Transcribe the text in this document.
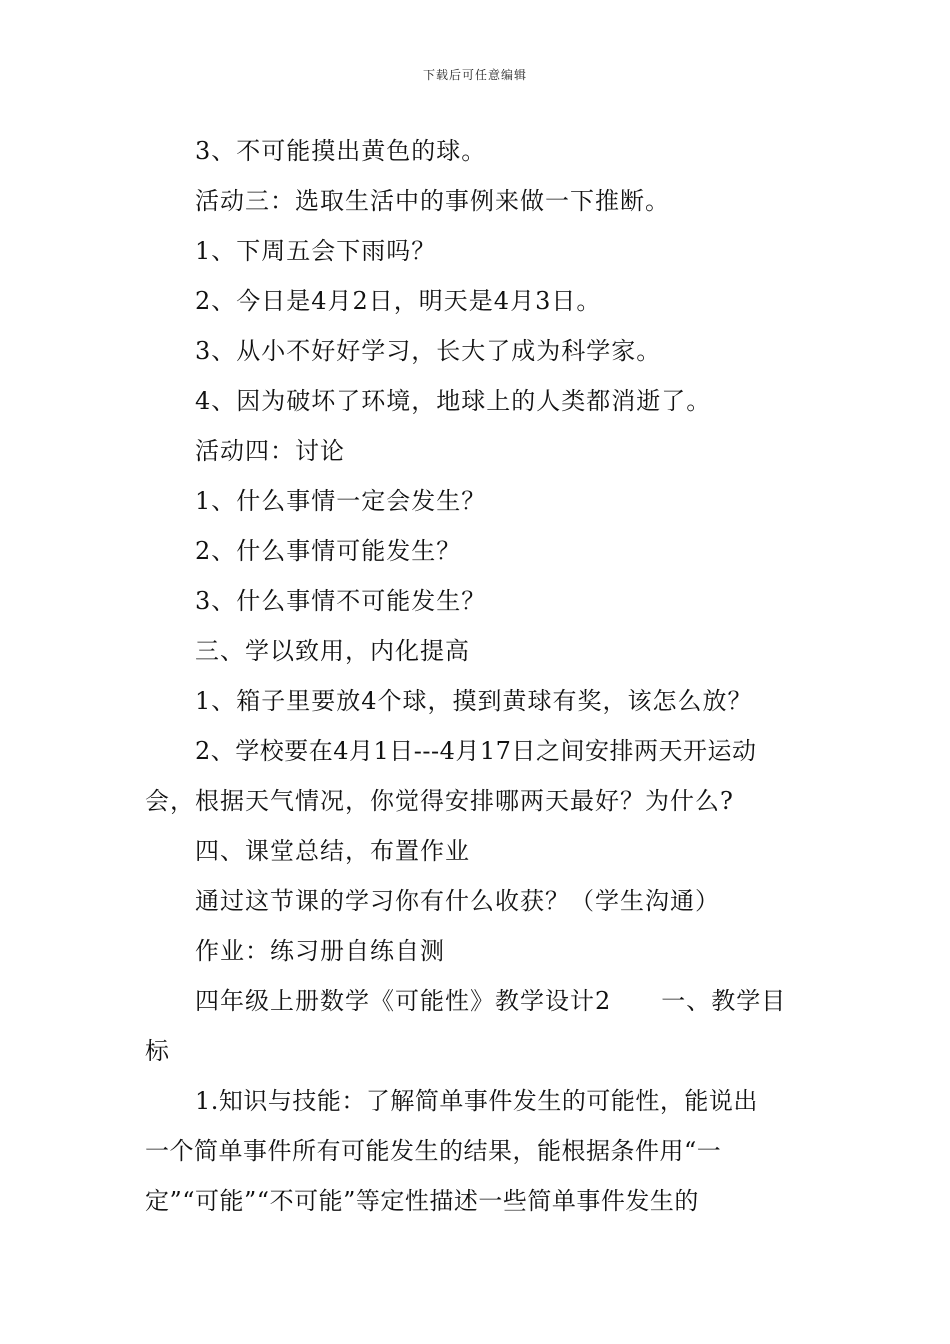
下载后可任意编辑
3、不可能摸出黄色的球。
活动三：选取生活中的事例来做一下推断。
1、下周五会下雨吗？
2、今日是4月2日，明天是4月3日。
3、从小不好好学习，长大了成为科学家。
4、因为破坏了环境，地球上的人类都消逝了。
活动四：讨论
1、什么事情一定会发生？
2、什么事情可能发生？
3、什么事情不可能发生？
三、学以致用，内化提高
1、箱子里要放4个球，摸到黄球有奖，该怎么放？
2、学校要在4月1日---4月17日之间安排两天开运动
会，根据天气情况，你觉得安排哪两天最好？为什么?
四、课堂总结，布置作业
通过这节课的学习你有什么收获？（学生沟通）
作业：练习册自练自测
四年级上册数学《可能性》教学设计2　　一、教学目
标
1.知识与技能：了解简单事件发生的可能性，能说出
一个简单事件所有可能发生的结果，能根据条件用“一
定”“可能”“不可能”等定性描述一些简单事件发生的
